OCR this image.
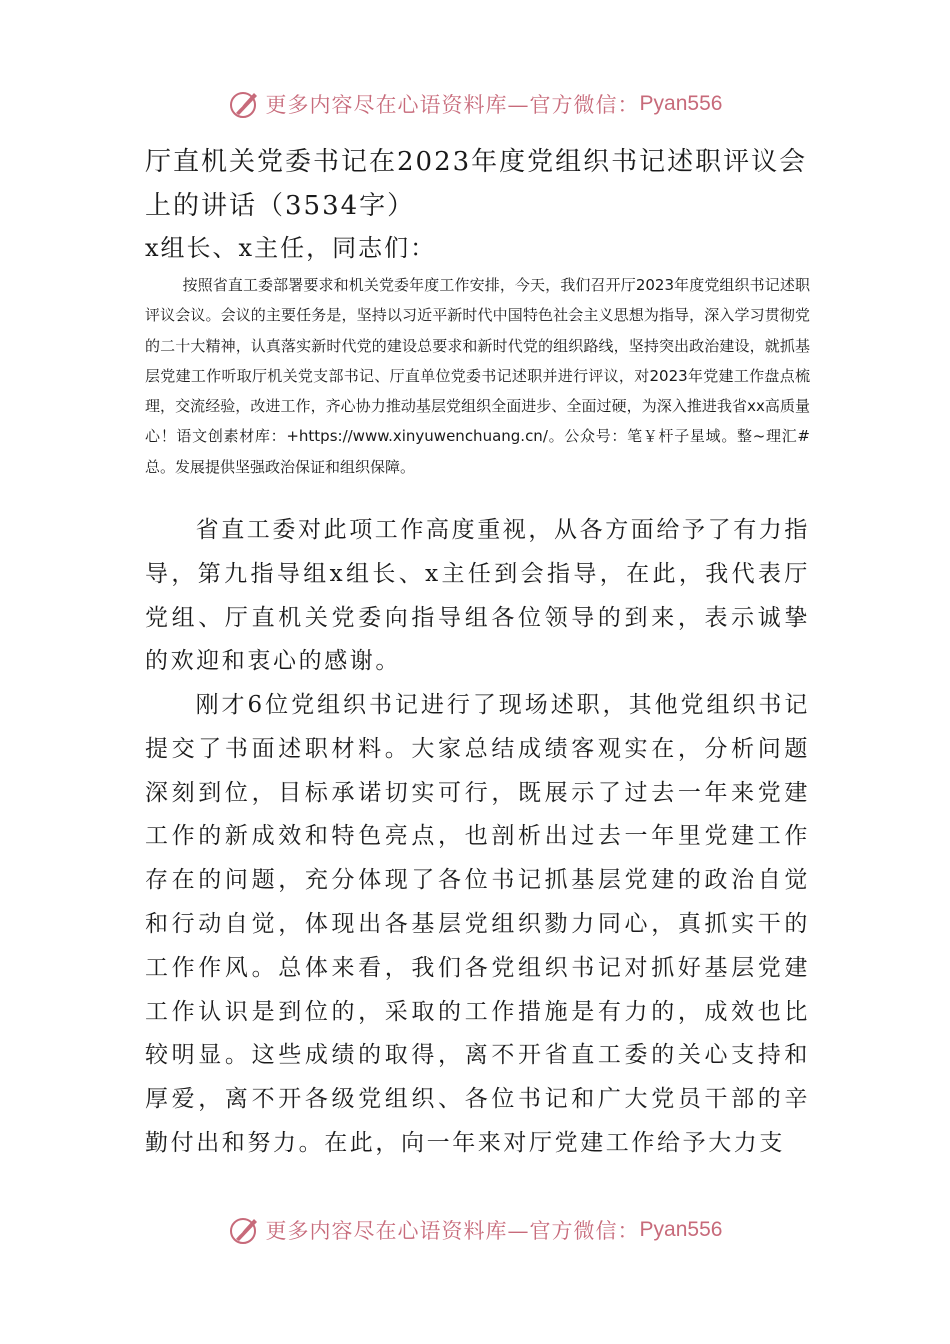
更多内容尽在心语资料库—官方微信： Pyan556
厅直机关党委书记在2023年度党组织书记述职评议会上的讲话（3534字）

x组长、x主任，同志们：

按照省直工委部署要求和机关党委年度工作安排，今天，我们召开厅2023年度党组织书记述职评议会议。会议的主要任务是，坚持以习近平新时代中国特色社会主义思想为指导，深入学习贯彻党的二十大精神，认真落实新时代党的建设总要求和新时代党的组织路线，坚持突出政治建设，就抓基层党建工作听取厅机关党支部书记、厅直单位党委书记述职并进行评议，对2023年党建工作盘点梳理，交流经验，改进工作，齐心协力推动基层党组织全面进步、全面过硬，为深入推进我省xx高质量心！语文创素材库：+https://www.xinyuwenchuang.cn/。公众号：笔￥杆子星域。整~理汇#总。发展提供坚强政治保证和组织保障。

省直工委对此项工作高度重视，从各方面给予了有力指导，第九指导组x组长、x主任到会指导，在此，我代表厅党组、厅直机关党委向指导组各位领导的到来，表示诚挚的欢迎和衷心的感谢。

刚才6位党组织书记进行了现场述职，其他党组织书记提交了书面述职材料。大家总结成绩客观实在，分析问题深刻到位，目标承诺切实可行，既展示了过去一年来党建工作的新成效和特色亮点，也剖析出过去一年里党建工作存在的问题，充分体现了各位书记抓基层党建的政治自觉和行动自觉，体现出各基层党组织勠力同心，真抓实干的工作作风。总体来看，我们各党组织书记对抓好基层党建工作认识是到位的，采取的工作措施是有力的，成效也比较明显。这些成绩的取得，离不开省直工委的关心支持和厚爱，离不开各级党组织、各位书记和广大党员干部的辛勤付出和努力。在此，向一年来对厅党建工作给予大力支

更多内容尽在心语资料库—官方微信： Pyan556
